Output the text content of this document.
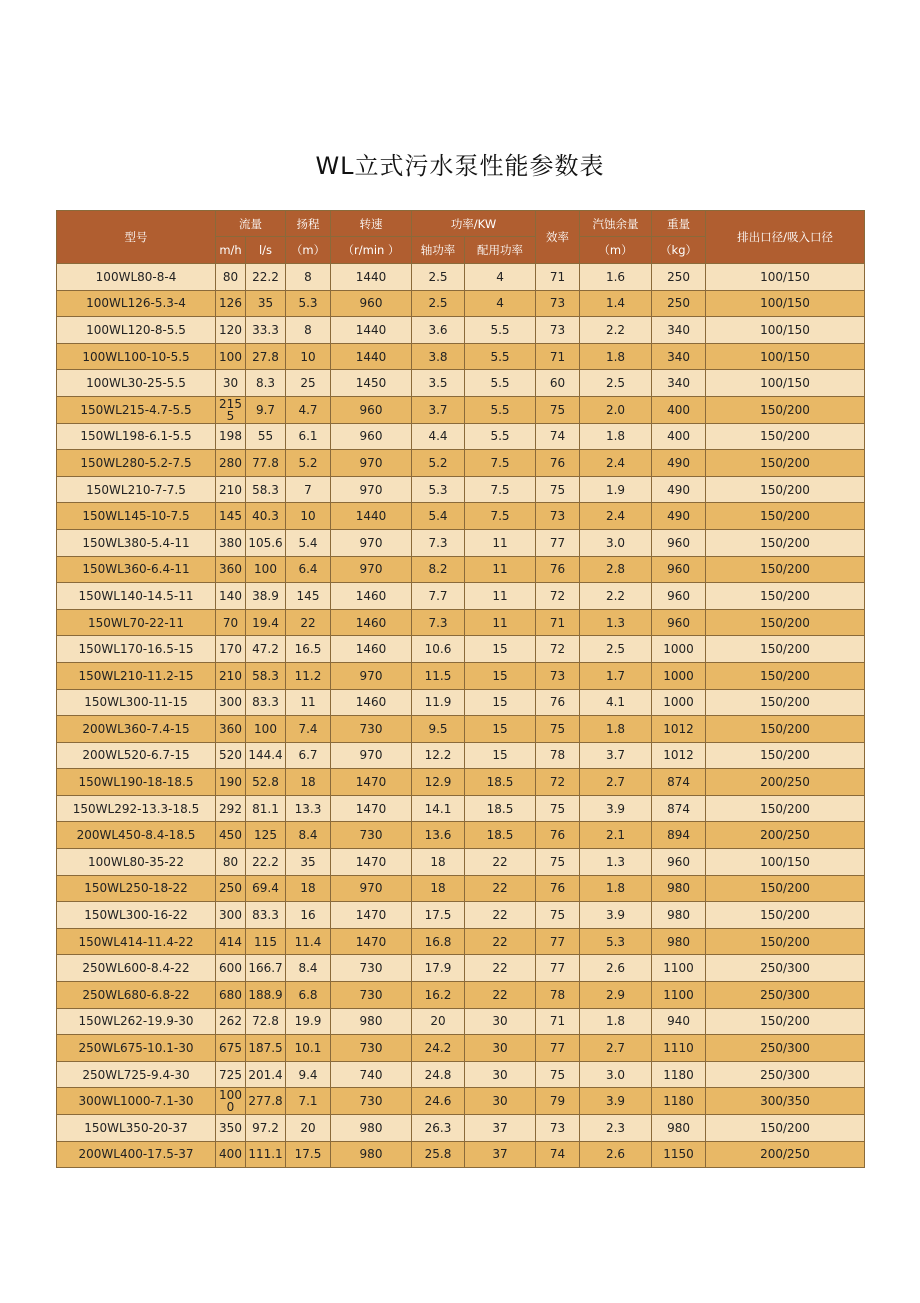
WL立式污水泵性能参数表
型号	流量		扬程	转速	功率/KW		效率	汽蚀余量	重量	排出口径/吸入口径
	m/h	l/s	（m）	（r/min ）	轴功率	配用功率		（m）	（kg）	
100WL80-8-4	80	22.2	8	1440	2.5	4	71	1.6	250	100/150
100WL126-5.3-4	126	35	5.3	960	2.5	4	73	1.4	250	100/150
100WL120-8-5.5	120	33.3	8	1440	3.6	5.5	73	2.2	340	100/150
100WL100-10-5.5	100	27.8	10	1440	3.8	5.5	71	1.8	340	100/150
100WL30-25-5.5	30	8.3	25	1450	3.5	5.5	60	2.5	340	100/150
150WL215-4.7-5.5	2155	9.7	4.7	960	3.7	5.5	75	2.0	400	150/200
150WL198-6.1-5.5	198	55	6.1	960	4.4	5.5	74	1.8	400	150/200
150WL280-5.2-7.5	280	77.8	5.2	970	5.2	7.5	76	2.4	490	150/200
150WL210-7-7.5	210	58.3	7	970	5.3	7.5	75	1.9	490	150/200
150WL145-10-7.5	145	40.3	10	1440	5.4	7.5	73	2.4	490	150/200
150WL380-5.4-11	380	105.6	5.4	970	7.3	11	77	3.0	960	150/200
150WL360-6.4-11	360	100	6.4	970	8.2	11	76	2.8	960	150/200
150WL140-14.5-11	140	38.9	145	1460	7.7	11	72	2.2	960	150/200
150WL70-22-11	70	19.4	22	1460	7.3	11	71	1.3	960	150/200
150WL170-16.5-15	170	47.2	16.5	1460	10.6	15	72	2.5	1000	150/200
150WL210-11.2-15	210	58.3	11.2	970	11.5	15	73	1.7	1000	150/200
150WL300-11-15	300	83.3	11	1460	11.9	15	76	4.1	1000	150/200
200WL360-7.4-15	360	100	7.4	730	9.5	15	75	1.8	1012	150/200
200WL520-6.7-15	520	144.4	6.7	970	12.2	15	78	3.7	1012	150/200
150WL190-18-18.5	190	52.8	18	1470	12.9	18.5	72	2.7	874	200/250
150WL292-13.3-18.5	292	81.1	13.3	1470	14.1	18.5	75	3.9	874	150/200
200WL450-8.4-18.5	450	125	8.4	730	13.6	18.5	76	2.1	894	200/250
100WL80-35-22	80	22.2	35	1470	18	22	75	1.3	960	100/150
150WL250-18-22	250	69.4	18	970	18	22	76	1.8	980	150/200
150WL300-16-22	300	83.3	16	1470	17.5	22	75	3.9	980	150/200
150WL414-11.4-22	414	115	11.4	1470	16.8	22	77	5.3	980	150/200
250WL600-8.4-22	600	166.7	8.4	730	17.9	22	77	2.6	1100	250/300
250WL680-6.8-22	680	188.9	6.8	730	16.2	22	78	2.9	1100	250/300
150WL262-19.9-30	262	72.8	19.9	980	20	30	71	1.8	940	150/200
250WL675-10.1-30	675	187.5	10.1	730	24.2	30	77	2.7	1110	250/300
250WL725-9.4-30	725	201.4	9.4	740	24.8	30	75	3.0	1180	250/300
300WL1000-7.1-30	1000	277.8	7.1	730	24.6	30	79	3.9	1180	300/350
150WL350-20-37	350	97.2	20	980	26.3	37	73	2.3	980	150/200
200WL400-17.5-37	400	111.1	17.5	980	25.8	37	74	2.6	1150	200/250
